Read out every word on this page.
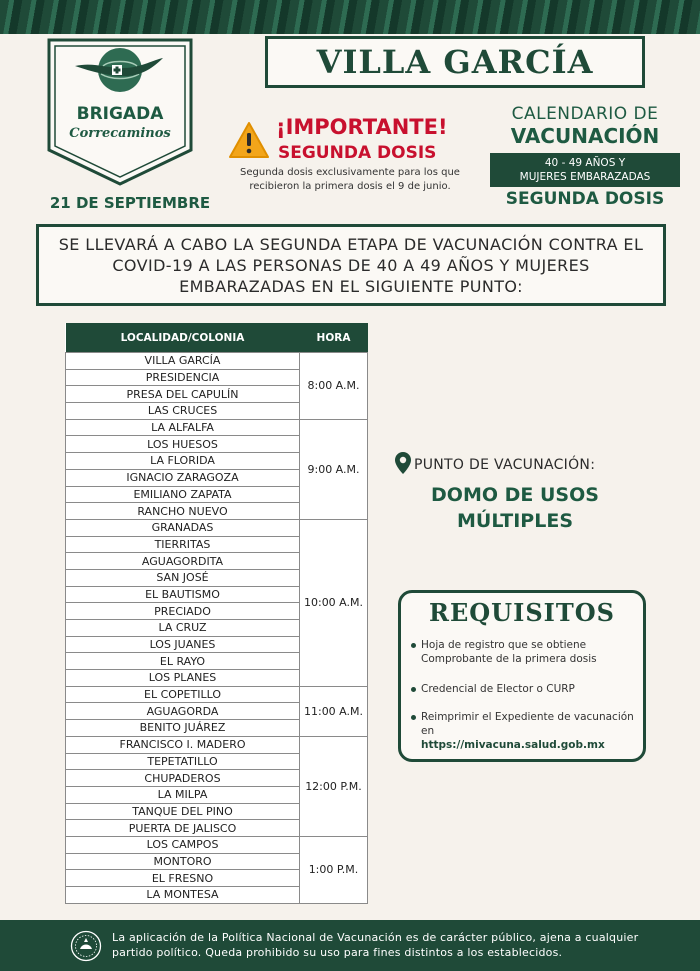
BRIGADA
Correcaminos
21 DE SEPTIEMBRE
VILLA GARCÍA
¡IMPORTANTE!
SEGUNDA DOSIS
Segunda dosis exclusivamente para los que
recibieron la primera dosis el 9 de junio.
CALENDARIO DE
VACUNACIÓN
40 - 49 AÑOS Y
MUJERES EMBARAZADAS
SEGUNDA DOSIS
SE LLEVARÁ A CABO LA SEGUNDA ETAPA DE VACUNACIÓN CONTRA EL COVID-19 A LAS PERSONAS DE 40 A 49 AÑOS Y MUJERES EMBARAZADAS EN EL SIGUIENTE PUNTO:
LOCALIDAD/COLONIA	HORA
VILLA GARCÍA	8:00 A.M.
PRESIDENCIA	
PRESA DEL CAPULÍN	
LAS CRUCES	
LA ALFALFA	9:00 A.M.
LOS HUESOS	
LA FLORIDA	
IGNACIO ZARAGOZA	
EMILIANO ZAPATA	
RANCHO NUEVO	
GRANADAS	10:00 A.M.
TIERRITAS	
AGUAGORDITA	
SAN JOSÉ	
EL BAUTISMO	
PRECIADO	
LA CRUZ	
LOS JUANES	
EL RAYO	
LOS PLANES	
EL COPETILLO	11:00 A.M.
AGUAGORDA	
BENITO JUÁREZ	
FRANCISCO I. MADERO	12:00 P.M.
TEPETATILLO	
CHUPADEROS	
LA MILPA	
TANQUE DEL PINO	
PUERTA DE JALISCO	
LOS CAMPOS	1:00 P.M.
MONTORO	
EL FRESNO	
LA MONTESA	
PUNTO DE VACUNACIÓN:
DOMO DE USOS
MÚLTIPLES
REQUISITOS
Hoja de registro que se obtiene Comprobante de la primera dosis
Credencial de Elector o CURP
Reimprimir el Expediente de vacunación en
https://mivacuna.salud.gob.mx
La aplicación de la Política Nacional de Vacunación es de carácter público, ajena a cualquier partido político. Queda prohibido su uso para fines distintos a los establecidos.
